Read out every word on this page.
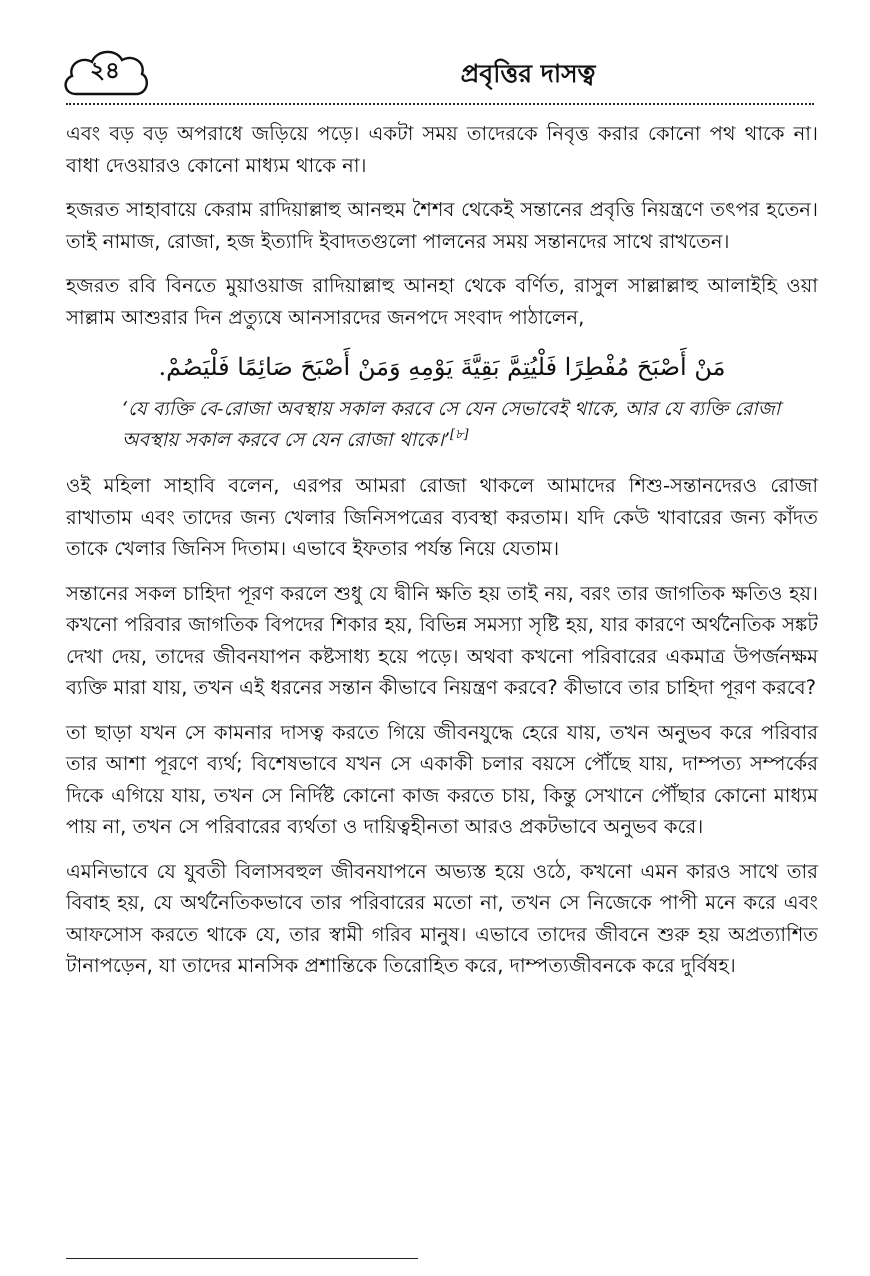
২৪	প্রবৃত্তির দাসত্ব

এবং বড় বড় অপরাধে জড়িয়ে পড়ে। একটা সময় তাদেরকে নিবৃত্ত করার কোনো পথ থাকে না। বাধা দেওয়ারও কোনো মাধ্যম থাকে না।

হজরত সাহাবায়ে কেরাম রাদিয়াল্লাহু আনহুম শৈশব থেকেই সন্তানের প্রবৃত্তি নিয়ন্ত্রণে তৎপর হতেন। তাই নামাজ, রোজা, হজ ইত্যাদি ইবাদতগুলো পালনের সময় সন্তানদের সাথে রাখতেন।

হজরত রবি বিনতে মুয়াওয়াজ রাদিয়াল্লাহু আনহা থেকে বর্ণিত, রাসুল সাল্লাল্লাহু আলাইহি ওয়া সাল্লাম আশুরার দিন প্রত্যুষে আনসারদের জনপদে সংবাদ পাঠালেন,

مَنْ أَصْبَحَ مُفْطِرًا فَلْيُتِمَّ بَقِيَّةَ يَوْمِهِ وَمَنْ أَصْبَحَ صَائِمًا فَلْيَصُمْ.
‘যে ব্যক্তি বে-রোজা অবস্থায় সকাল করবে সে যেন সেভাবেই থাকে, আর যে ব্যক্তি রোজা অবস্থায় সকাল করবে সে যেন রোজা থাকে।’[৮]

ওই মহিলা সাহাবি বলেন, এরপর আমরা রোজা থাকলে আমাদের শিশু-সন্তানদেরও রোজা রাখাতাম এবং তাদের জন্য খেলার জিনিসপত্রের ব্যবস্থা করতাম। যদি কেউ খাবারের জন্য কাঁদত তাকে খেলার জিনিস দিতাম। এভাবে ইফতার পর্যন্ত নিয়ে যেতাম।

সন্তানের সকল চাহিদা পূরণ করলে শুধু যে দ্বীনি ক্ষতি হয় তাই নয়, বরং তার জাগতিক ক্ষতিও হয়। কখনো পরিবার জাগতিক বিপদের শিকার হয়, বিভিন্ন সমস্যা সৃষ্টি হয়, যার কারণে অর্থনৈতিক সঙ্কট দেখা দেয়, তাদের জীবনযাপন কষ্টসাধ্য হয়ে পড়ে। অথবা কখনো পরিবারের একমাত্র উপর্জনক্ষম ব্যক্তি মারা যায়, তখন এই ধরনের সন্তান কীভাবে নিয়ন্ত্রণ করবে? কীভাবে তার চাহিদা পূরণ করবে?

তা ছাড়া যখন সে কামনার দাসত্ব করতে গিয়ে জীবনযুদ্ধে হেরে যায়, তখন অনুভব করে পরিবার তার আশা পূরণে ব্যর্থ; বিশেষভাবে যখন সে একাকী চলার বয়সে পৌঁছে যায়, দাম্পত্য সম্পর্কের দিকে এগিয়ে যায়, তখন সে নির্দিষ্ট কোনো কাজ করতে চায়, কিন্তু সেখানে পৌঁছার কোনো মাধ্যম পায় না, তখন সে পরিবারের ব্যর্থতা ও দায়িত্বহীনতা আরও প্রকটভাবে অনুভব করে।

এমনিভাবে যে যুবতী বিলাসবহুল জীবনযাপনে অভ্যস্ত হয়ে ওঠে, কখনো এমন কারও সাথে তার বিবাহ হয়, যে অর্থনৈতিকভাবে তার পরিবারের মতো না, তখন সে নিজেকে পাপী মনে করে এবং আফসোস করতে থাকে যে, তার স্বামী গরিব মানুষ। এভাবে তাদের জীবনে শুরু হয় অপ্রত্যাশিত টানাপড়েন, যা তাদের মানসিক প্রশান্তিকে তিরোহিত করে, দাম্পত্যজীবনকে করে দুর্বিষহ।
